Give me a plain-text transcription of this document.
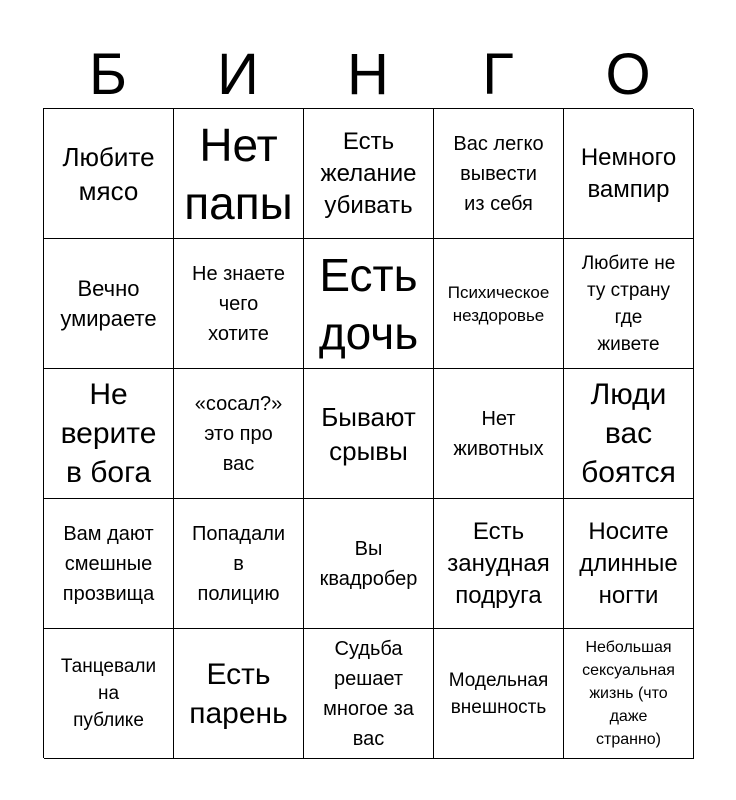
Б	И	Н	Г	О
Любите
мясо
Нет
папы
Есть
желание
убивать
Вас легко
вывести
из себя
Немного
вампир
Вечно
умираете
Не знаете
чего
хотите
Есть
дочь
Психическое
нездоровье
Любите не
ту страну
где
живете
Не
верите
в бога
«сосал?»
это про
вас
Бывают
срывы
Нет
животных
Люди
вас
боятся
Вам дают
смешные
прозвища
Попадали
в
полицию
Вы
квадробер
Есть
занудная
подруга
Носите
длинные
ногти
Танцевали
на
публике
Есть
парень
Судьба
решает
многое за
вас
Модельная
внешность
Небольшая
сексуальная
жизнь (что
даже
странно)
